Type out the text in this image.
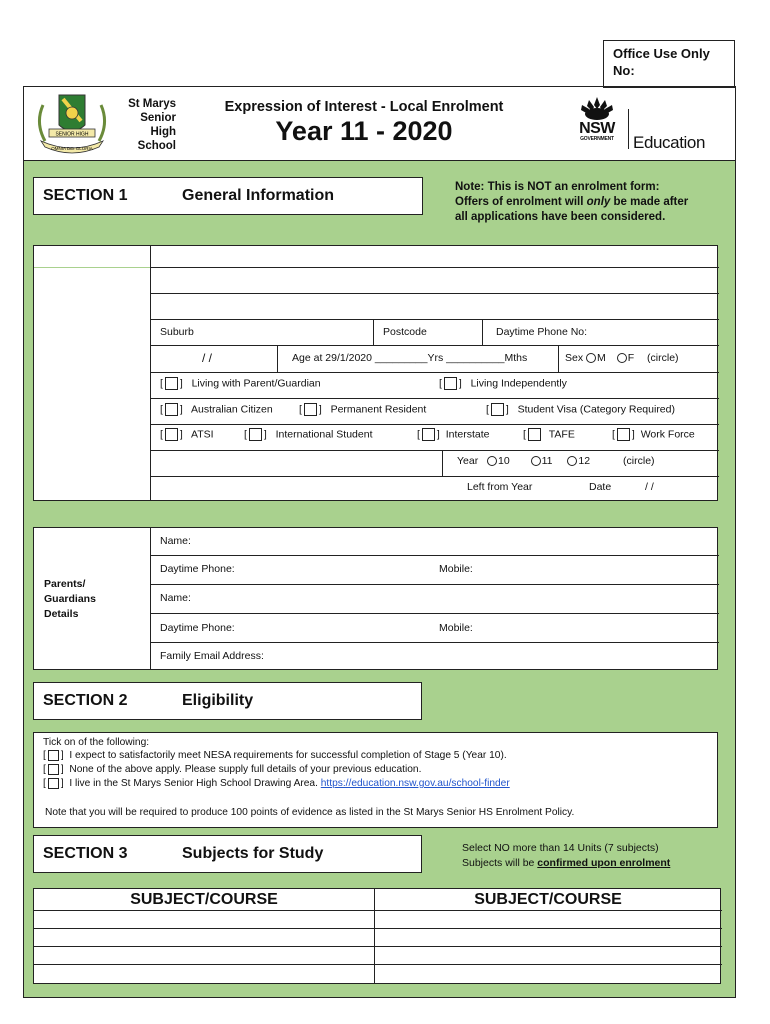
Office Use Only
No:
SENIOR HIGH
OMNIA DEI GLORIA
St Marys
Senior
High
School
Expression of Interest - Local Enrolment
Year 11 - 2020	NSW
GOVERNMENT	Education
SECTION 1	General Information	Note: This is NOT an enrolment form:
Offers of enrolment will only be made after
all applications have been considered.
Suburb	Postcode	Daytime Phone No:
/ /	Age at 29/1/2020 _________Yrs __________Mths	Sex M F (circle)
[ ]   Living with Parent/Guardian	[ ]   Living Independently
[ ]   Australian Citizen	[ ]   Permanent Resident	[ ]   Student Visa (Category Required)
[ ]   ATSI	[ ]   International Student	[ ]  Interstate	[ TAFE	[ ]  Work Force
Year 10	11 12	(circle)
Left from Year	Date	/ /
Parents/
Guardians
Details
Name:
Daytime Phone:	Mobile:
Name:
Daytime Phone:	Mobile:
Family Email Address:
SECTION 2	Eligibility
Tick on of the following:
[ ]  I expect to satisfactorily meet NESA requirements for successful completion of Stage 5 (Year 10).
[ ]  None of the above apply. Please supply full details of your previous education.
[ ]  I live in the St Marys Senior High School Drawing Area. https://education.nsw.gov.au/school-finder
Note that you will be required to produce 100 points of evidence as listed in the St Marys Senior HS Enrolment Policy.
SECTION 3	Subjects for Study	Select NO more than 14 Units (7 subjects)
Subjects will be confirmed upon enrolment
SUBJECT/COURSE	SUBJECT/COURSE
